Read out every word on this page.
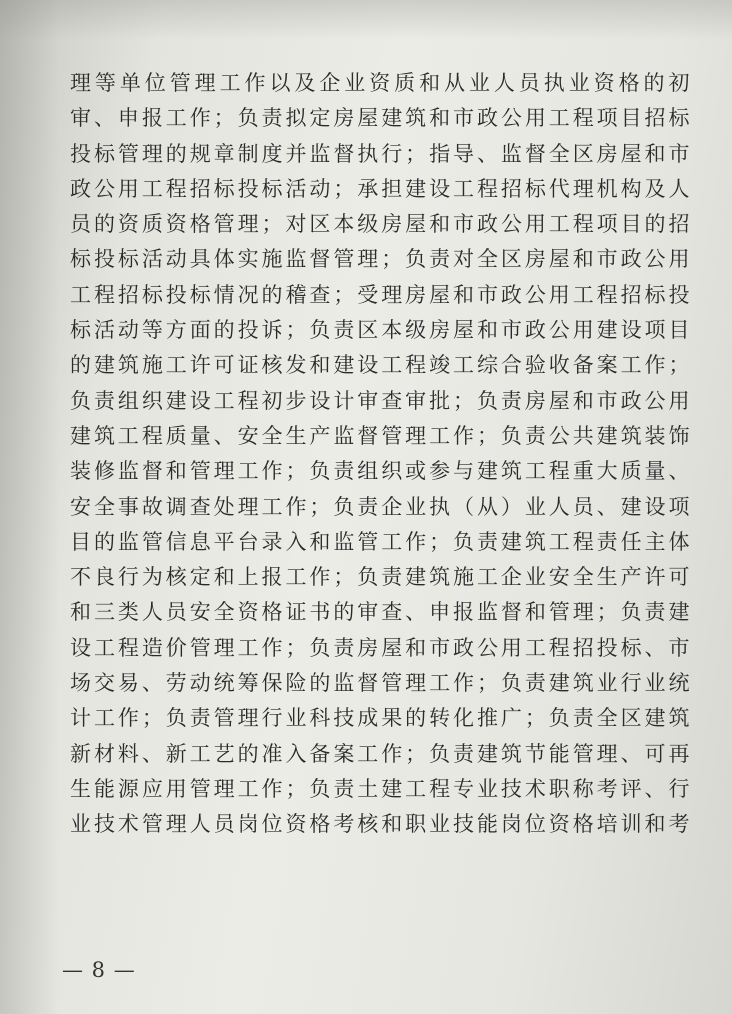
理等单位管理工作以及企业资质和从业人员执业资格的初
审、申报工作；负责拟定房屋建筑和市政公用工程项目招标
投标管理的规章制度并监督执行；指导、监督全区房屋和市
政公用工程招标投标活动；承担建设工程招标代理机构及人
员的资质资格管理；对区本级房屋和市政公用工程项目的招
标投标活动具体实施监督管理；负责对全区房屋和市政公用
工程招标投标情况的稽查；受理房屋和市政公用工程招标投
标活动等方面的投诉；负责区本级房屋和市政公用建设项目
的建筑施工许可证核发和建设工程竣工综合验收备案工作；
负责组织建设工程初步设计审查审批；负责房屋和市政公用
建筑工程质量、安全生产监督管理工作；负责公共建筑装饰
装修监督和管理工作；负责组织或参与建筑工程重大质量、
安全事故调查处理工作；负责企业执（从）业人员、建设项
目的监管信息平台录入和监管工作；负责建筑工程责任主体
不良行为核定和上报工作；负责建筑施工企业安全生产许可
和三类人员安全资格证书的审查、申报监督和管理；负责建
设工程造价管理工作；负责房屋和市政公用工程招投标、市
场交易、劳动统筹保险的监督管理工作；负责建筑业行业统
计工作；负责管理行业科技成果的转化推广；负责全区建筑
新材料、新工艺的准入备案工作；负责建筑节能管理、可再
生能源应用管理工作；负责土建工程专业技术职称考评、行
业技术管理人员岗位资格考核和职业技能岗位资格培训和考
— 8 —
